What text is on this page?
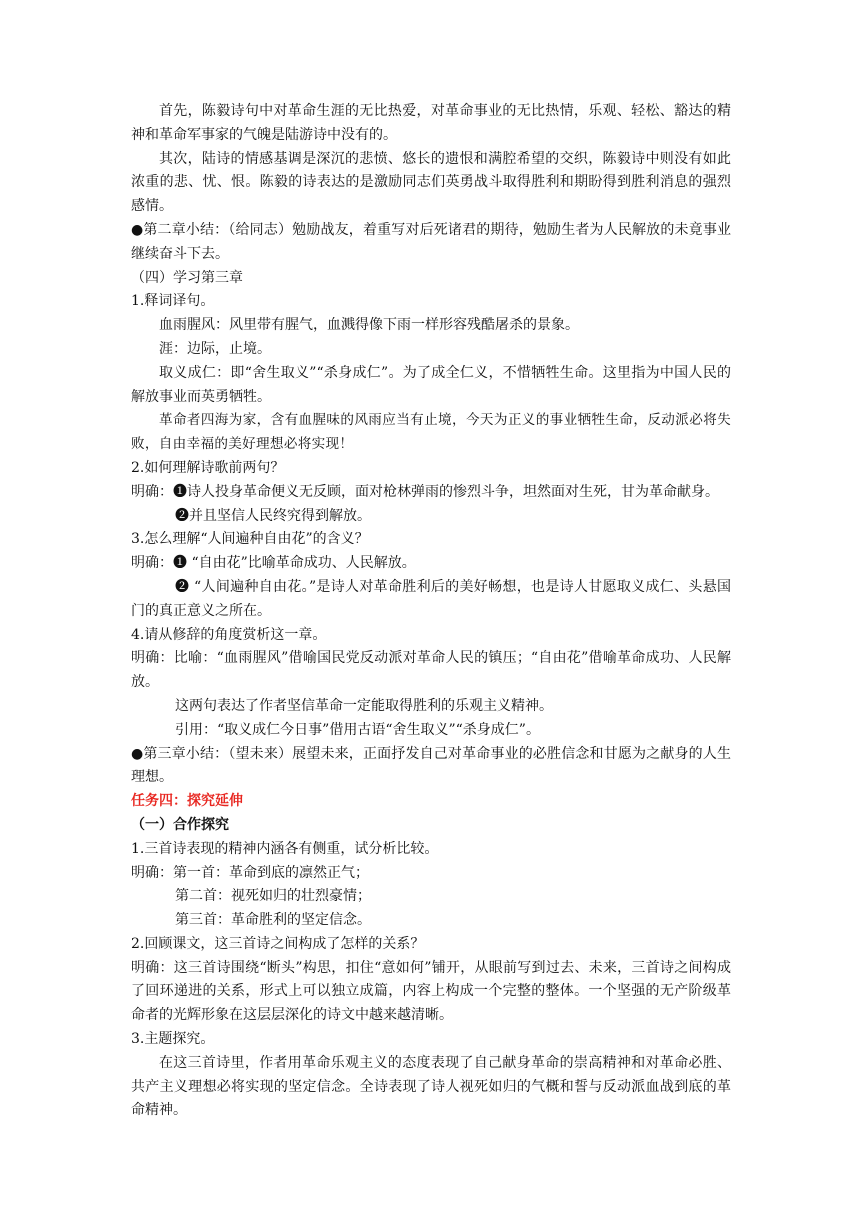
首先，陈毅诗句中对革命生涯的无比热爱，对革命事业的无比热情，乐观、轻松、豁达的精神和革命军事家的气魄是陆游诗中没有的。

其次，陆诗的情感基调是深沉的悲愤、悠长的遗恨和满腔希望的交织，陈毅诗中则没有如此浓重的悲、忧、恨。陈毅的诗表达的是激励同志们英勇战斗取得胜利和期盼得到胜利消息的强烈感情。

●第二章小结：（给同志）勉励战友，着重写对后死诸君的期待，勉励生者为人民解放的未竟事业继续奋斗下去。

（四）学习第三章

1.释词译句。

血雨腥风：风里带有腥气，血溅得像下雨一样形容残酷屠杀的景象。

涯：边际，止境。

取义成仁：即“舍生取义”“杀身成仁”。为了成全仁义，不惜牺牲生命。这里指为中国人民的解放事业而英勇牺牲。

革命者四海为家，含有血腥味的风雨应当有止境，今天为正义的事业牺牲生命，反动派必将失败，自由幸福的美好理想必将实现！

2.如何理解诗歌前两句？

明确：❶诗人投身革命便义无反顾，面对枪林弹雨的惨烈斗争，坦然面对生死，甘为革命献身。

❷并且坚信人民终究得到解放。

3.怎么理解“人间遍种自由花”的含义？

明确：❶ “自由花”比喻革命成功、人民解放。

❷ “人间遍种自由花。”是诗人对革命胜利后的美好畅想，也是诗人甘愿取义成仁、头悬国门的真正意义之所在。

4.请从修辞的角度赏析这一章。

明确：比喻：“血雨腥风”借喻国民党反动派对革命人民的镇压；“自由花”借喻革命成功、人民解放。

这两句表达了作者坚信革命一定能取得胜利的乐观主义精神。

引用：“取义成仁今日事”借用古语“舍生取义”“杀身成仁”。

●第三章小结：（望未来）展望未来，正面抒发自己对革命事业的必胜信念和甘愿为之献身的人生理想。

任务四：探究延伸

（一）合作探究

1.三首诗表现的精神内涵各有侧重，试分析比较。

明确：第一首：革命到底的凛然正气；

第二首：视死如归的壮烈豪情；

第三首：革命胜利的坚定信念。

2.回顾课文，这三首诗之间构成了怎样的关系？

明确：这三首诗围绕“断头”构思，扣住“意如何”铺开，从眼前写到过去、未来，三首诗之间构成了回环递进的关系，形式上可以独立成篇，内容上构成一个完整的整体。一个坚强的无产阶级革命者的光辉形象在这层层深化的诗文中越来越清晰。

3.主题探究。

在这三首诗里，作者用革命乐观主义的态度表现了自己献身革命的崇高精神和对革命必胜、共产主义理想必将实现的坚定信念。全诗表现了诗人视死如归的气概和誓与反动派血战到底的革命精神。
